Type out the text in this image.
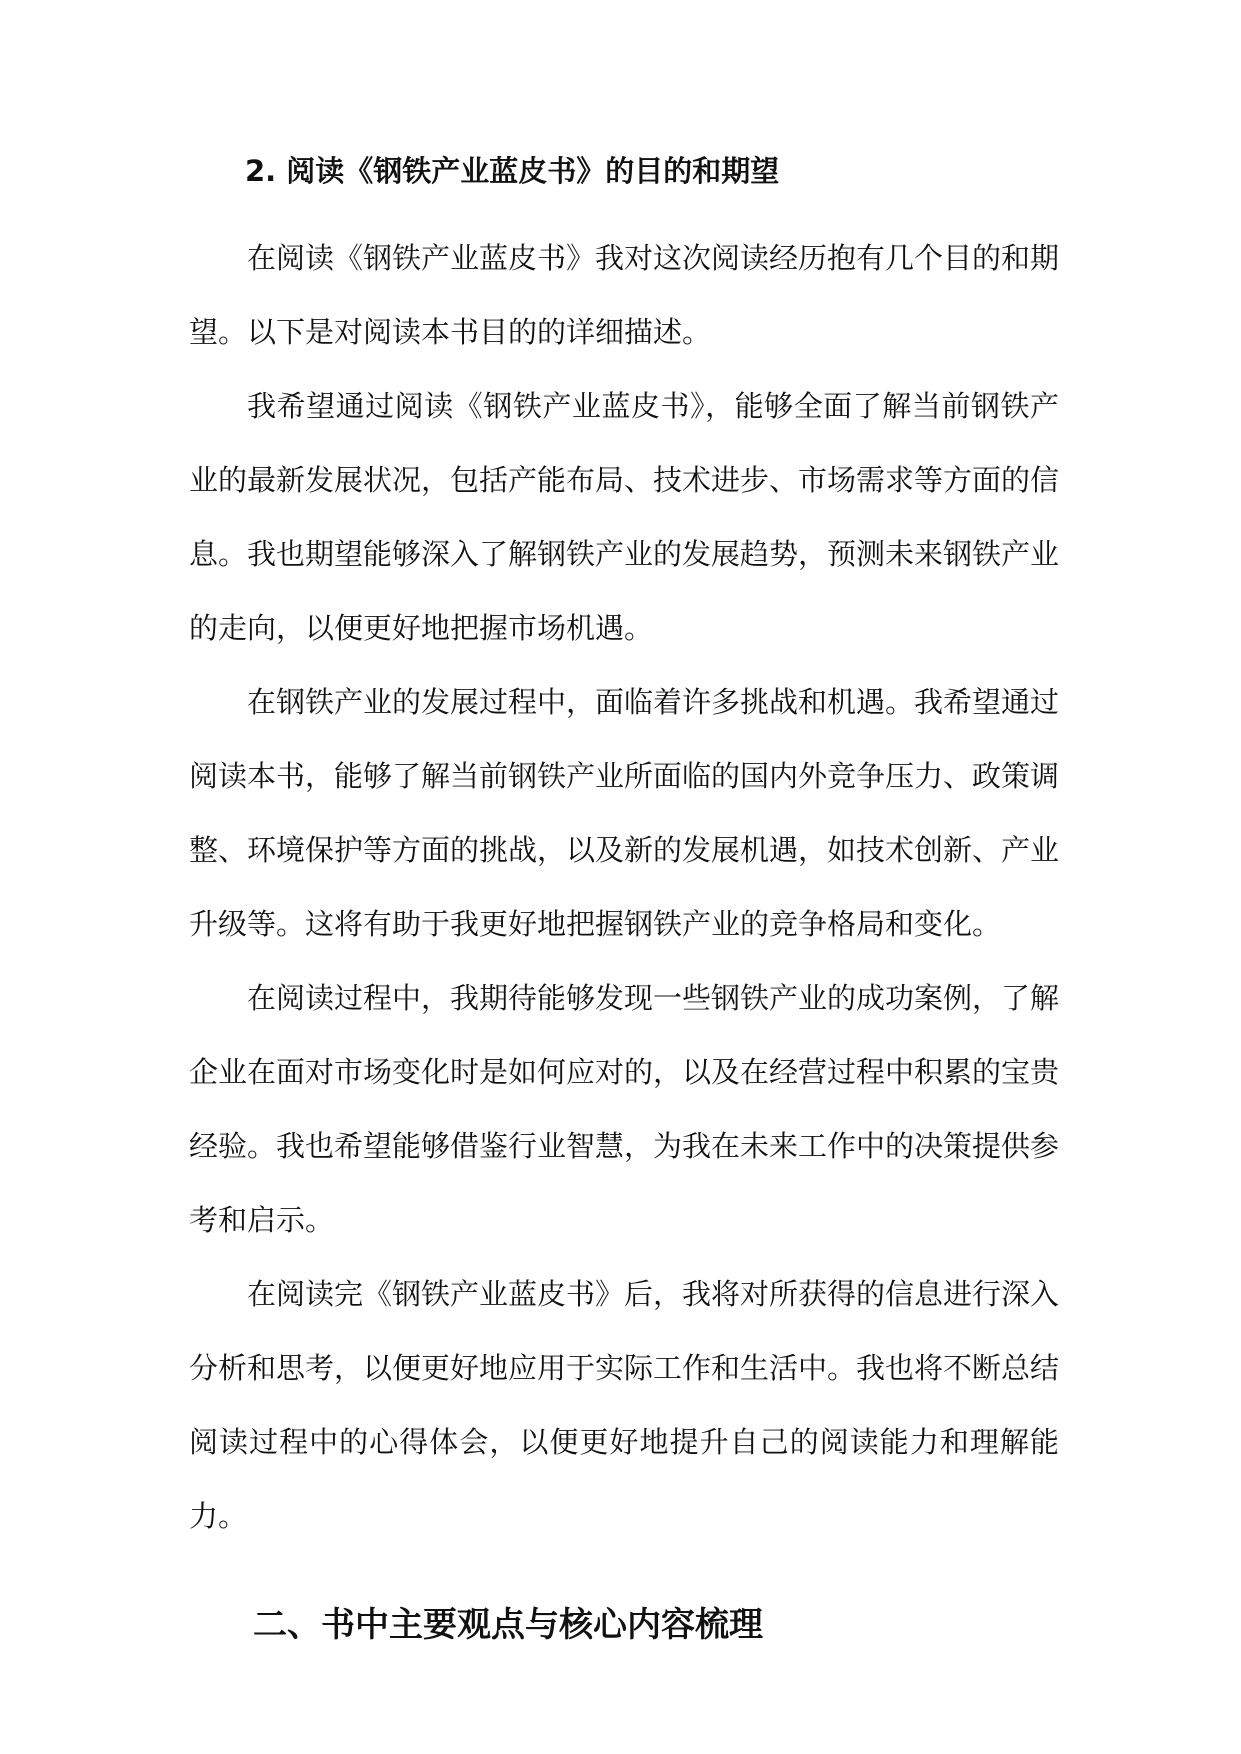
2. 阅读《钢铁产业蓝皮书》的目的和期望

在阅读《钢铁产业蓝皮书》我对这次阅读经历抱有几个目的和期望。以下是对阅读本书目的的详细描述。

我希望通过阅读《钢铁产业蓝皮书》，能够全面了解当前钢铁产业的最新发展状况，包括产能布局、技术进步、市场需求等方面的信息。我也期望能够深入了解钢铁产业的发展趋势，预测未来钢铁产业的走向，以便更好地把握市场机遇。

在钢铁产业的发展过程中，面临着许多挑战和机遇。我希望通过阅读本书，能够了解当前钢铁产业所面临的国内外竞争压力、政策调整、环境保护等方面的挑战，以及新的发展机遇，如技术创新、产业升级等。这将有助于我更好地把握钢铁产业的竞争格局和变化。

在阅读过程中，我期待能够发现一些钢铁产业的成功案例，了解企业在面对市场变化时是如何应对的，以及在经营过程中积累的宝贵经验。我也希望能够借鉴行业智慧，为我在未来工作中的决策提供参考和启示。

在阅读完《钢铁产业蓝皮书》后，我将对所获得的信息进行深入分析和思考，以便更好地应用于实际工作和生活中。我也将不断总结阅读过程中的心得体会，以便更好地提升自己的阅读能力和理解能力。

二、书中主要观点与核心内容梳理
